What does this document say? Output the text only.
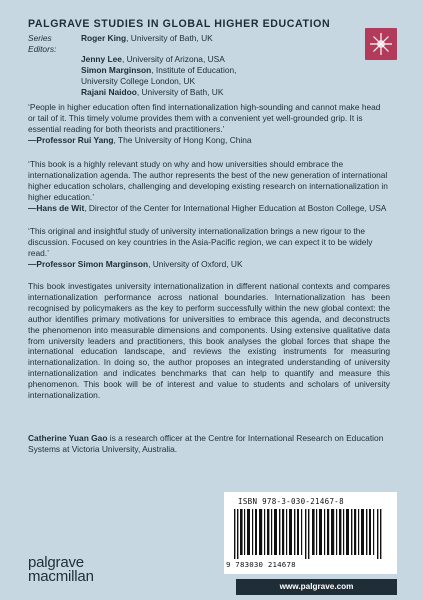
PALGRAVE STUDIES IN GLOBAL HIGHER EDUCATION
Series Editors:
Roger King, University of Bath, UK
Jenny Lee, University of Arizona, USA
Simon Marginson, Institute of Education,
University College London, UK
Rajani Naidoo, University of Bath, UK

‘People in higher education often find internationalization high-sounding and cannot make head or tail of it. This timely volume provides them with a convenient yet well-grounded grip. It is essential reading for both theorists and practitioners.’

—Professor Rui Yang, The University of Hong Kong, China

‘This book is a highly relevant study on why and how universities should embrace the internationalization agenda. The author represents the best of the new generation of international higher education scholars, challenging and developing existing research on internationalization in higher education.’

—Hans de Wit, Director of the Center for International Higher Education at Boston College, USA

‘This original and insightful study of university internationalization brings a new rigour to the discussion. Focused on key countries in the Asia-Pacific region, we can expect it to be widely read.’

—Professor Simon Marginson, University of Oxford, UK

This book investigates university internationalization in different national contexts and compares internationalization performance across national boundaries. Internationalization has been recognised by policymakers as the key to perform successfully within the new global context: the author identifies primary motivations for universities to embrace this agenda, and deconstructs the phenomenon into measurable dimensions and components. Using extensive qualitative data from university leaders and practitioners, this book analyses the global forces that shape the international education landscape, and reviews the existing instruments for measuring internationalization. In doing so, the author proposes an integrated understanding of university internationalization and indicates benchmarks that can help to quantify and measure this phenomenon. This book will be of interest and value to students and scholars of university internationalization.
Catherine Yuan Gao is a research officer at the Centre for International Research on Education Systems at Victoria University, Australia.
ISBN 978-3-030-21467-8
9 783030 214678
palgrave
macmillan
www.palgrave.com
